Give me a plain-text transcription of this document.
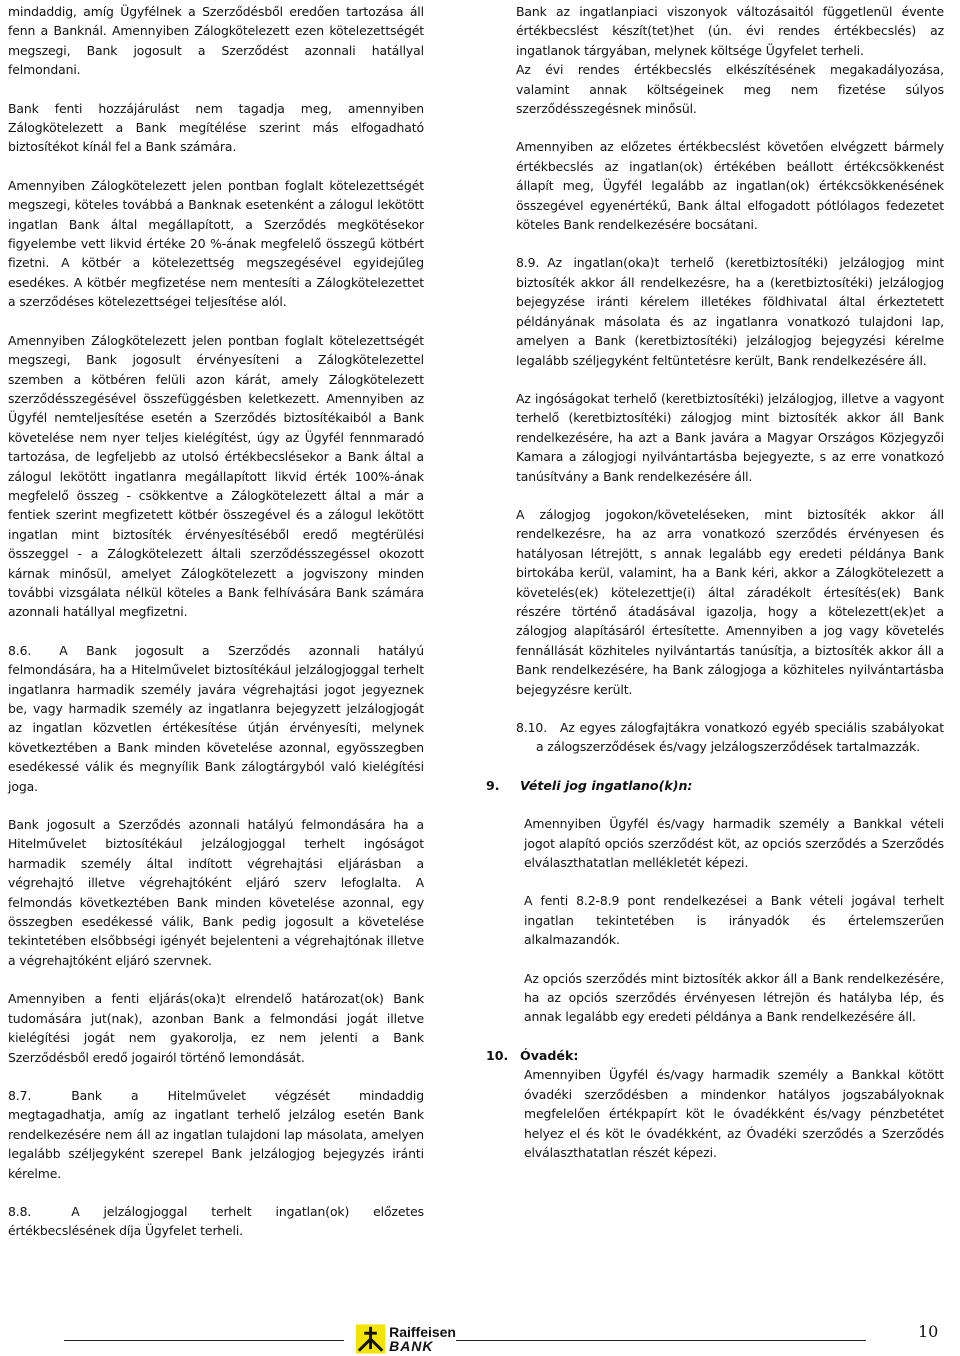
mindaddig, amíg Ügyfélnek a Szerződésből eredően tartozása áll fenn a Banknál. Amennyiben Zálogkötelezett ezen kötelezettségét megszegi, Bank jogosult a Szerződést azonnali hatállyal felmondani.

Bank fenti hozzájárulást nem tagadja meg, amennyiben Zálogkötelezett a Bank megítélése szerint más elfogadható biztosítékot kínál fel a Bank számára.

Amennyiben Zálogkötelezett jelen pontban foglalt kötelezettségét megszegi, köteles továbbá a Banknak esetenként a zálogul lekötött ingatlan Bank által megállapított, a Szerződés megkötésekor figyelembe vett likvid értéke 20 %-ának megfelelő összegű kötbért fizetni. A kötbér a kötelezettség megszegésével egyidejűleg esedékes. A kötbér megfizetése nem mentesíti a Zálogkötelezettet a szerződéses kötelezettségei teljesítése alól.

Amennyiben Zálogkötelezett jelen pontban foglalt kötelezettségét megszegi, Bank jogosult érvényesíteni a Zálogkötelezettel szemben a kötbéren felüli azon kárát, amely Zálogkötelezett szerződésszegésével összefüggésben keletkezett. Amennyiben az Ügyfél nemteljesítése esetén a Szerződés biztosítékaiból a Bank követelése nem nyer teljes kielégítést, úgy az Ügyfél fennmaradó tartozása, de legfeljebb az utolsó értékbecslésekor a Bank által a zálogul lekötött ingatlanra megállapított likvid érték 100%-ának megfelelő összeg - csökkentve a Zálogkötelezett által a már a fentiek szerint megfizetett kötbér összegével és a zálogul lekötött ingatlan mint biztosíték érvényesítéséből eredő megtérülési összeggel - a Zálogkötelezett általi szerződésszegéssel okozott kárnak minősül, amelyet Zálogkötelezett a jogviszony minden további vizsgálata nélkül köteles a Bank felhívására Bank számára azonnali hatállyal megfizetni.

8.6. A Bank jogosult a Szerződés azonnali hatályú felmondására, ha a Hitelművelet biztosítékául jelzálogjoggal terhelt ingatlanra harmadik személy javára végrehajtási jogot jegyeznek be, vagy harmadik személy az ingatlanra bejegyzett jelzálogjogát az ingatlan közvetlen értékesítése útján érvényesíti, melynek következtében a Bank minden követelése azonnal, egyösszegben esedékessé válik és megnyílik Bank zálogtárgyból való kielégítési joga.

Bank jogosult a Szerződés azonnali hatályú felmondására ha a Hitelművelet biztosítékául jelzálogjoggal terhelt ingóságot harmadik személy által indított végrehajtási eljárásban a végrehajtó illetve végrehajtóként eljáró szerv lefoglalta. A felmondás következtében Bank minden követelése azonnal, egy összegben esedékessé válik, Bank pedig jogosult a követelése tekintetében elsőbbségi igényét bejelenteni a végrehajtónak illetve a végrehajtóként eljáró szervnek.

Amennyiben a fenti eljárás(oka)t elrendelő határozat(ok) Bank tudomására jut(nak), azonban Bank a felmondási jogát illetve kielégítési jogát nem gyakorolja, ez nem jelenti a Bank Szerződésből eredő jogairól történő lemondását.

8.7.	Bank a Hitelművelet végzését mindaddig megtagadhatja, amíg az ingatlant terhelő jelzálog esetén Bank rendelkezésére nem áll az ingatlan tulajdoni lap másolata, amelyen legalább széljegyként szerepel Bank jelzálogjog bejegyzés iránti kérelme.

8.8.	A jelzálogjoggal terhelt ingatlan(ok) előzetes értékbecslésének díja Ügyfelet terheli.

Bank az ingatlanpiaci viszonyok változásaitól függetlenül évente értékbecslést készít(tet)het (ún. évi rendes értékbecslés) az ingatlanok tárgyában, melynek költsége Ügyfelet terheli.

Az évi rendes értékbecslés elkészítésének megakadályozása, valamint annak költségeinek meg nem fizetése súlyos szerződésszegésnek minősül.

Amennyiben az előzetes értékbecslést követően elvégzett bármely értékbecslés az ingatlan(ok) értékében beállott értékcsökkenést állapít meg, Ügyfél legalább az ingatlan(ok) értékcsökkenésének összegével egyenértékű, Bank által elfogadott pótlólagos fedezetet köteles Bank rendelkezésére bocsátani.

8.9. Az ingatlan(oka)t terhelő (keretbiztosítéki) jelzálogjog mint biztosíték akkor áll rendelkezésre, ha a (keretbiztosítéki) jelzálogjog bejegyzése iránti kérelem illetékes földhivatal által érkeztetett példányának másolata és az ingatlanra vonatkozó tulajdoni lap, amelyen a Bank (keretbiztosítéki) jelzálogjog bejegyzési kérelme legalább széljegyként feltüntetésre került, Bank rendelkezésére áll.

Az ingóságokat terhelő (keretbiztosítéki) jelzálogjog, illetve a vagyont terhelő (keretbiztosítéki) zálogjog mint biztosíték akkor áll Bank rendelkezésére, ha azt a Bank javára a Magyar Országos Közjegyzői Kamara a zálogjogi nyilvántartásba bejegyezte, s az erre vonatkozó tanúsítvány a Bank rendelkezésére áll.

A zálogjog jogokon/követeléseken, mint biztosíték akkor áll rendelkezésre, ha az arra vonatkozó szerződés érvényesen és hatályosan létrejött, s annak legalább egy eredeti példánya Bank birtokába kerül, valamint, ha a Bank kéri, akkor a Zálogkötelezett a követelés(ek) kötelezettje(i) által záradékolt értesítés(ek) Bank részére történő átadásával igazolja, hogy a kötelezett(ek)et a zálogjog alapításáról értesítette. Amennyiben a jog vagy követelés fennállását közhiteles nyilvántartás tanúsítja, a biztosíték akkor áll a Bank rendelkezésére, ha Bank zálogjoga a közhiteles nyilvántartásba bejegyzésre került.

8.10.	Az egyes zálogfajtákra vonatkozó egyéb speciális szabályokat a zálogszerződések és/vagy jelzálogszerződések tartalmazzák.

9.	Vételi jog ingatlano(k)n:

Amennyiben Ügyfél és/vagy harmadik személy a Bankkal vételi jogot alapító opciós szerződést köt, az opciós szerződés a Szerződés elválaszthatatlan mellékletét képezi.

A fenti 8.2-8.9 pont rendelkezései a Bank vételi jogával terhelt ingatlan tekintetében is irányadók és értelemszerűen alkalmazandók.

Az opciós szerződés mint biztosíték akkor áll a Bank rendelkezésére, ha az opciós szerződés érvényesen létrejön és hatályba lép, és annak legalább egy eredeti példánya a Bank rendelkezésére áll.

10. Óvadék:

Amennyiben Ügyfél és/vagy harmadik személy a Bankkal kötött óvadéki szerződésben a mindenkor hatályos jogszabályoknak megfelelően értékpapírt köt le óvadékként és/vagy pénzbetétet helyez el és köt le óvadékként, az Óvadéki szerződés a Szerződés elválaszthatatlan részét képezi.

Raiffeisen
BANK
10
